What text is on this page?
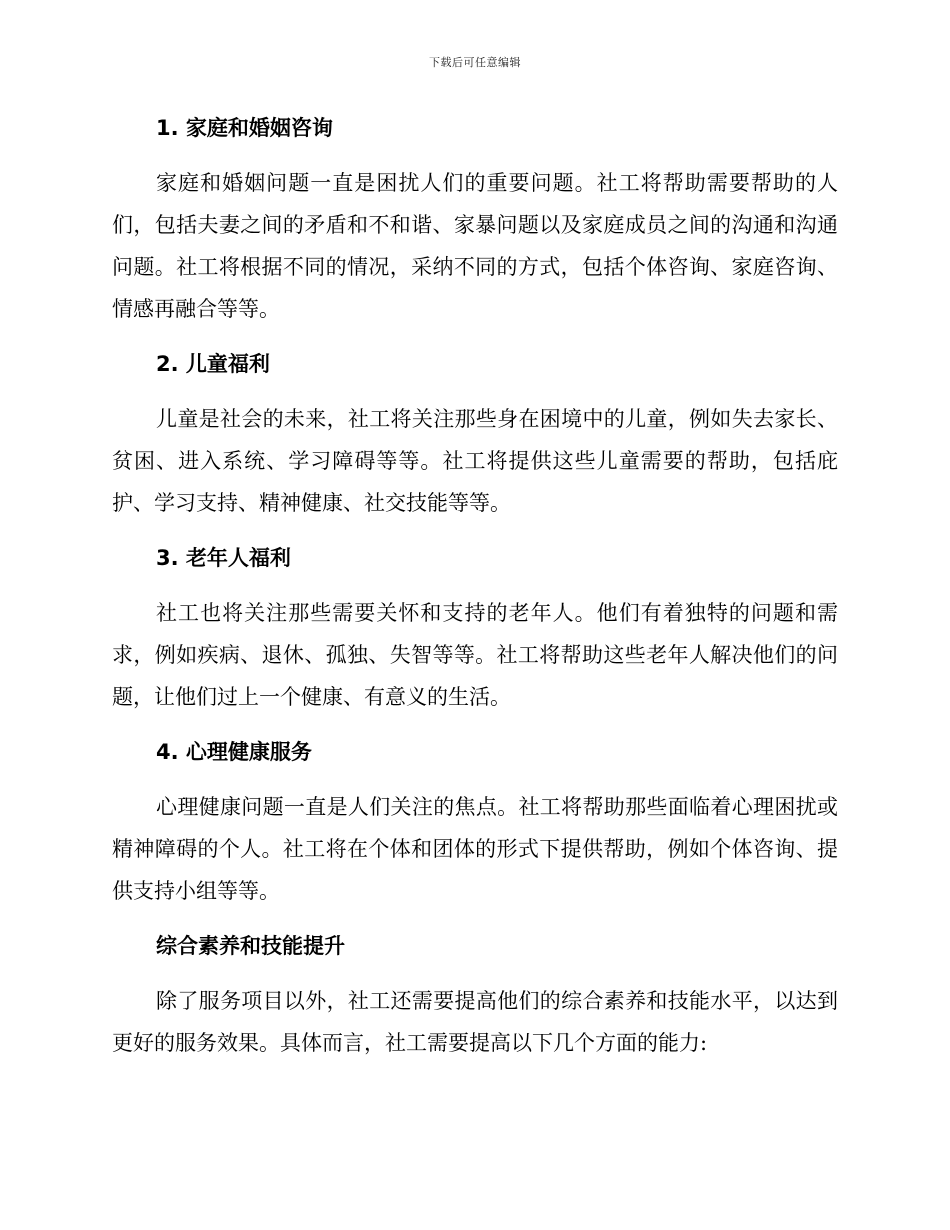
下载后可任意编辑
1. 家庭和婚姻咨询

家庭和婚姻问题一直是困扰人们的重要问题。社工将帮助需要帮助的人们，包括夫妻之间的矛盾和不和谐、家暴问题以及家庭成员之间的沟通和沟通问题。社工将根据不同的情况，采纳不同的方式，包括个体咨询、家庭咨询、情感再融合等等。

2. 儿童福利

儿童是社会的未来，社工将关注那些身在困境中的儿童，例如失去家长、贫困、进入系统、学习障碍等等。社工将提供这些儿童需要的帮助，包括庇护、学习支持、精神健康、社交技能等等。

3. 老年人福利

社工也将关注那些需要关怀和支持的老年人。他们有着独特的问题和需求，例如疾病、退休、孤独、失智等等。社工将帮助这些老年人解决他们的问题，让他们过上一个健康、有意义的生活。

4. 心理健康服务

心理健康问题一直是人们关注的焦点。社工将帮助那些面临着心理困扰或精神障碍的个人。社工将在个体和团体的形式下提供帮助，例如个体咨询、提供支持小组等等。

综合素养和技能提升

除了服务项目以外，社工还需要提高他们的综合素养和技能水平，以达到更好的服务效果。具体而言，社工需要提高以下几个方面的能力:
